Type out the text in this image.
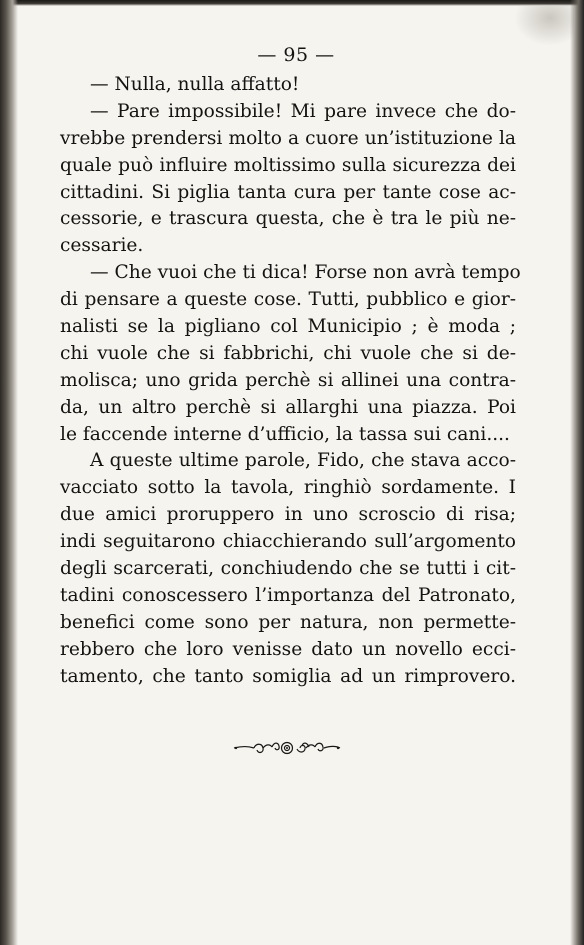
— 95 —
— Nulla, nulla affatto!
— Pare impossibile! Mi pare invece che do-
vrebbe prendersi molto a cuore un’istituzione la
quale può influire moltissimo sulla sicurezza dei
cittadini. Si piglia tanta cura per tante cose ac-
cessorie, e trascura questa, che è tra le più ne-
cessarie.
— Che vuoi che ti dica! Forse non avrà tempo
di pensare a queste cose. Tutti, pubblico e gior-
nalisti se la pigliano col Municipio ; è moda ;
chi vuole che si fabbrichi, chi vuole che si de-
molisca; uno grida perchè si allinei una contra-
da, un altro perchè si allarghi una piazza. Poi
le faccende interne d’ufficio, la tassa sui cani....
A queste ultime parole, Fido, che stava acco-
vacciato sotto la tavola, ringhiò sordamente. I
due amici proruppero in uno scroscio di risa;
indi seguitarono chiacchierando sull’argomento
degli scarcerati, conchiudendo che se tutti i cit-
tadini conoscessero l’importanza del Patronato,
benefici come sono per natura, non permette-
rebbero che loro venisse dato un novello ecci-
tamento, che tanto somiglia ad un rimprovero.
